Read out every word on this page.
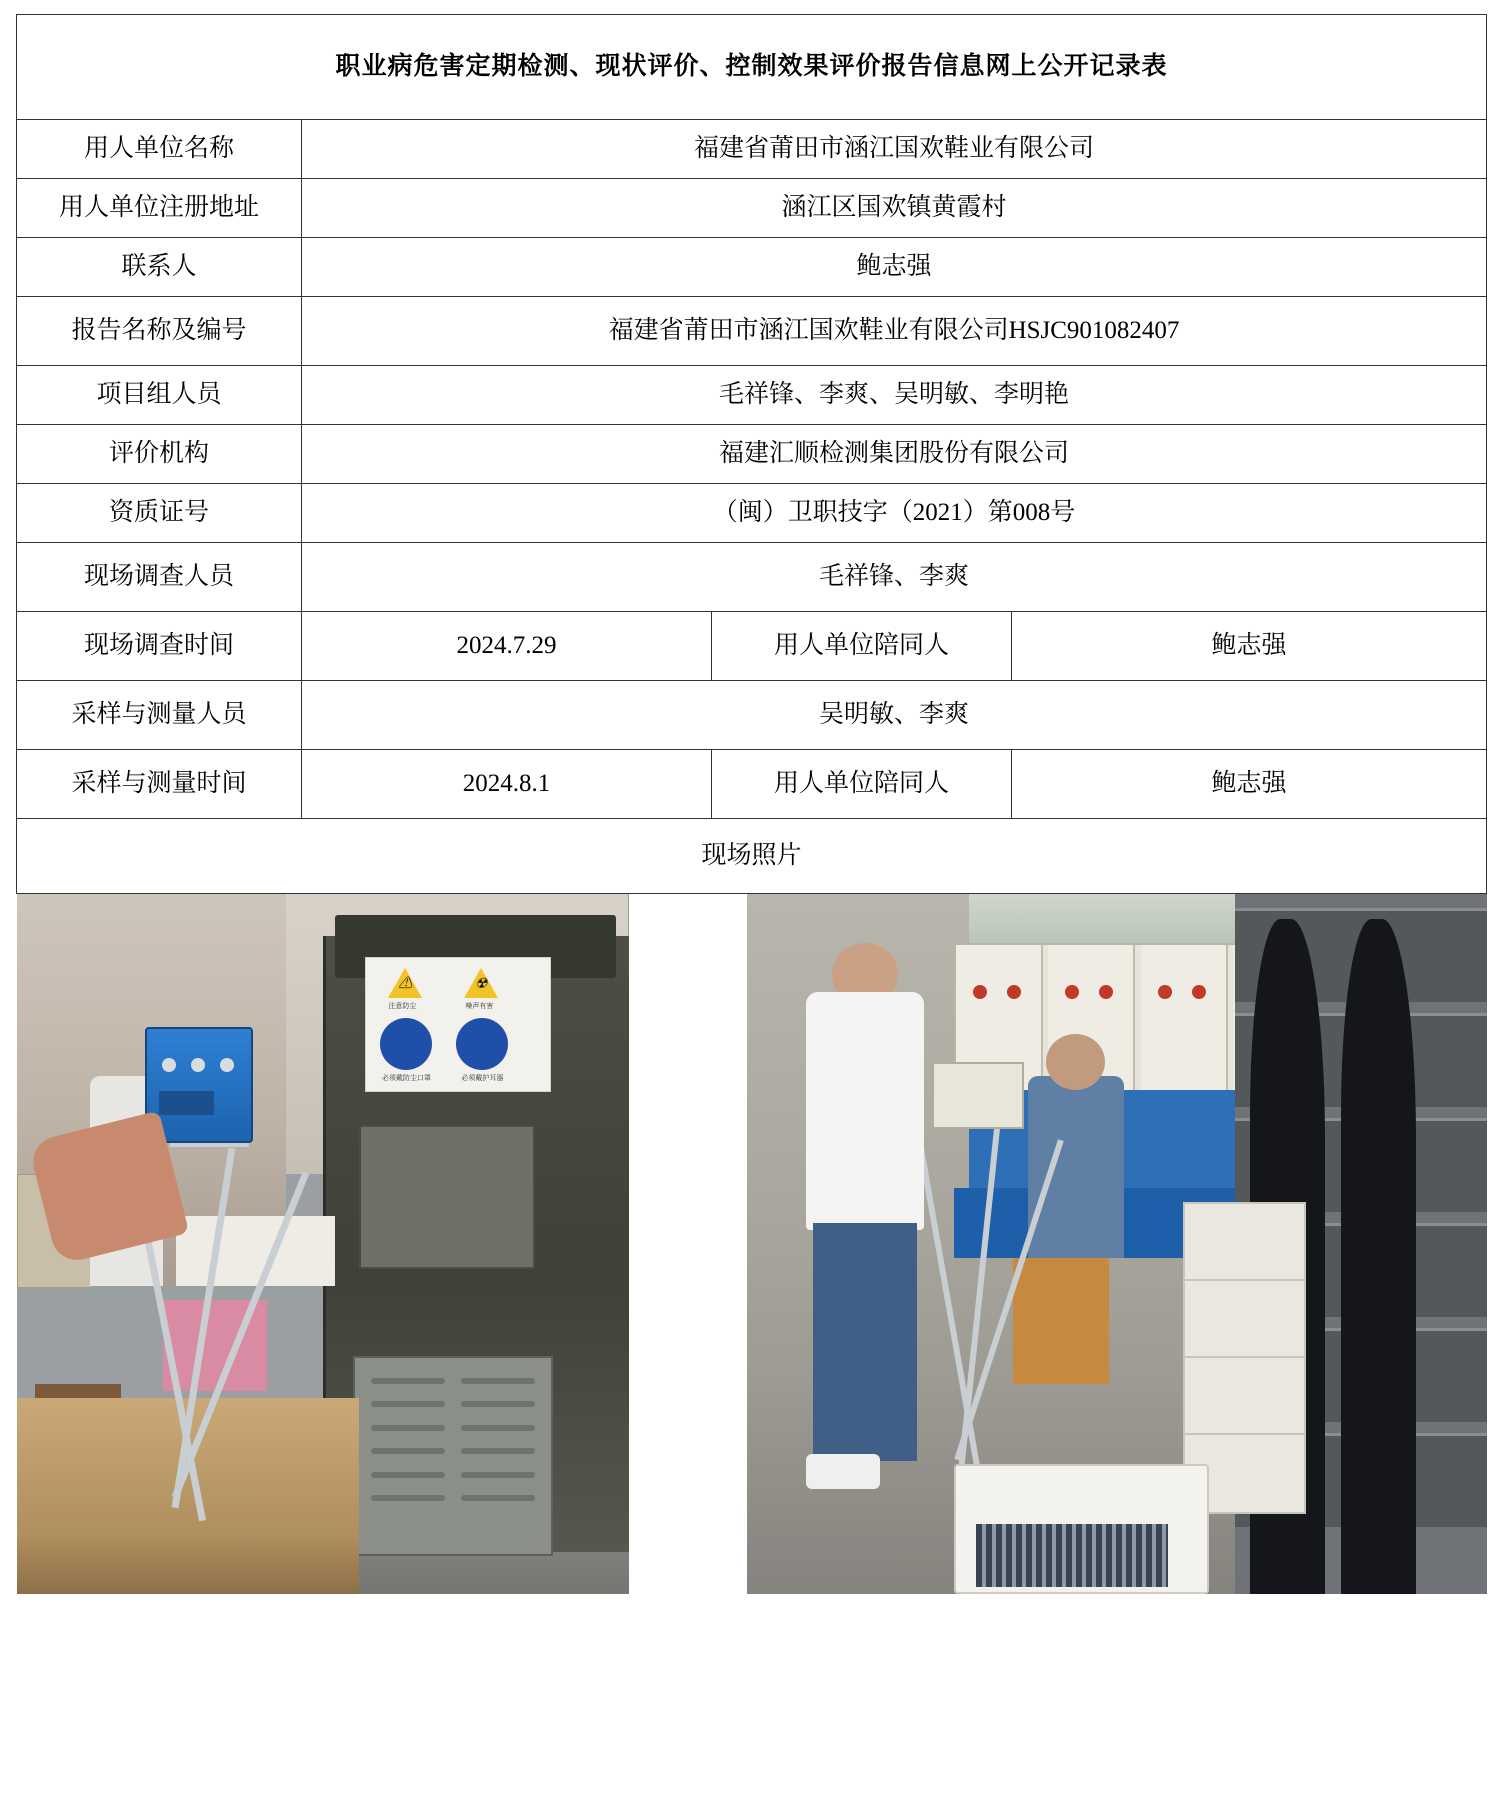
职业病危害定期检测、现状评价、控制效果评价报告信息网上公开记录表			
用人单位名称	福建省莆田市涵江国欢鞋业有限公司		
用人单位注册地址	涵江区国欢镇黄霞村		
联系人	鲍志强		
报告名称及编号	福建省莆田市涵江国欢鞋业有限公司HSJC901082407		
项目组人员	毛祥锋、李爽、吴明敏、李明艳		
评价机构	福建汇顺检测集团股份有限公司		
资质证号	（闽）卫职技字（2021）第008号		
现场调查人员	毛祥锋、李爽		
现场调查时间	2024.7.29	用人单位陪同人	鲍志强
采样与测量人员	吴明敏、李爽		
采样与测量时间	2024.8.1	用人单位陪同人	鲍志强
现场照片			

⚠	☢
注意防尘	噪声有害
必须戴防尘口罩	必须戴护耳器
